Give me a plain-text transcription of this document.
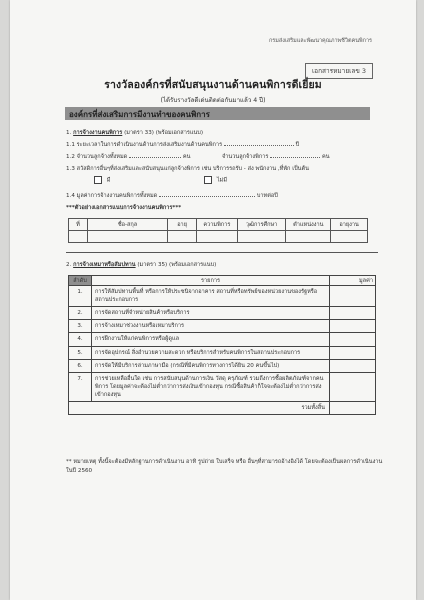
กรมส่งเสริมและพัฒนาคุณภาพชีวิตคนพิการ
เอกสารหมายเลข 3
รางวัลองค์กรที่สนับสนุนงานด้านคนพิการดีเยี่ยม
(ได้รับรางวัลดีเด่นติดต่อกันมาแล้ว 4 ปี)
องค์กรที่ส่งเสริมการมีงานทำของคนพิการ
1. การจ้างงานคนพิการ (มาตรา 33) (พร้อมเอกสารแนบ)
1.1 ระยะเวลาในการดำเนินงานด้านการส่งเสริมงานด้านคนพิการ	ปี
1.2 จำนวนลูกจ้างทั้งหมด	คน	จำนวนลูกจ้างพิการ	คน
1.3 สวัสดิการอื่นๆที่ส่งเสริมและสนับสนุนแก่ลูกจ้างพิการ เช่น บริการรถรับ - ส่ง พนักงาน ,ที่พัก เป็นต้น
มี	ไม่มี
1.4 มูลค่าการจ้างงานคนพิการทั้งหมด	บาทต่อปี
***ตัวอย่างเอกสารแนบการจ้างงานคนพิการ***
ที่	ชื่อ-สกุล	อายุ	ความพิการ	วุฒิการศึกษา	ตำแหน่งงาน	อายุงาน

2. การจ้างเหมาหรือสัมปทาน (มาตรา 35) (พร้อมเอกสารแนบ)
ลำดับ	รายการ	มูลค่า
1.	การให้สัมปทานพื้นที่ หรือการให้ประชนิจากอาคาร สถานที่หรือทรัพย์ของหน่วยงานของรัฐหรือสถานประกอบการ	
2.	การจัดสถานที่จำหน่ายสินค้าหรือบริการ	
3.	การจ้างเหมาช่วงงานหรือเหมาบริการ	
4.	การฝึกงานให้แก่คนพิการหรือผู้ดูแล	
5.	การจัดอุปกรณ์ สิ่งอำนวยความสะดวก หรือบริการสำหรับคนพิการในสถานประกอบการ	
6.	การจัดให้มีบริการล่ามภาษามือ (กรณีที่มีคนพิการทางการได้ยิน 20 คนขึ้นไป)	
7.	การช่วยเหลืออื่นใด เช่น การสนับสนุนด้านการเงิน วัสดุ ครุภัณฑ์ รวมถึงการซื้อผลิตภัณฑ์จากคนพิการ โดยมูลค่าจะต้องไม่ต่ำกว่าการส่งเงินเข้ากองทุน กรณีซื้อสินค้าก็ใจจะต้องไม่ต่ำกว่าการส่งเข้ากองทุน	
รวมทั้งสิ้น		
** หมายเหตุ ทั้งนี้จะต้องมีหลักฐานการดำเนินงาน อาทิ รูปถ่าย ใบเสร็จ หรือ อื่นๆที่สามารถอ้างอิงได้ โดยจะต้องเป็นผลการดำเนินงานในปี 2560
